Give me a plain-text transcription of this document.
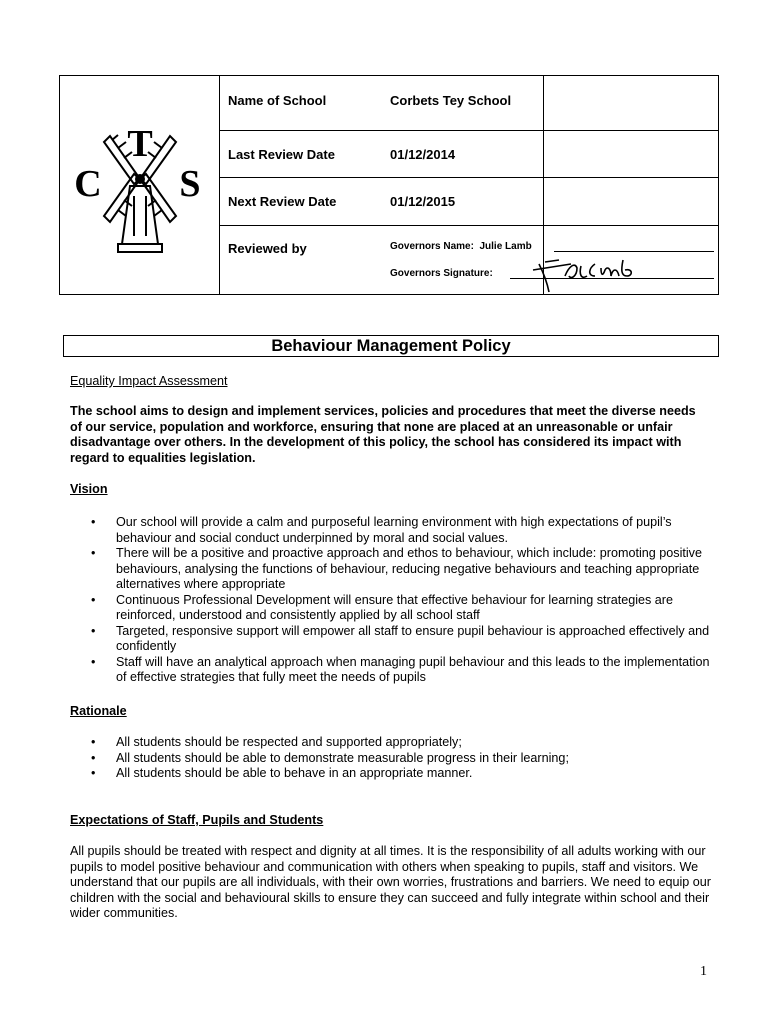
T
C S
Name of School	Corbets Tey School
Last Review Date	01/12/2014
Next Review Date	01/12/2015
Reviewed by	Governors Name: Julie Lamb
Governors Signature:
Behaviour Management Policy
Equality Impact Assessment
The school aims to design and implement services, policies and procedures that meet the diverse needs of our service, population and workforce, ensuring that none are placed at an unreasonable or unfair disadvantage over others. In the development of this policy, the school has considered its impact with regard to equalities legislation.
Vision
• Our school will provide a calm and purposeful learning environment with high expectations of pupil’s behaviour and social conduct underpinned by moral and social values.
• There will be a positive and proactive approach and ethos to behaviour, which include: promoting positive behaviours, analysing the functions of behaviour, reducing negative behaviours and teaching appropriate alternatives where appropriate
• Continuous Professional Development will ensure that effective behaviour for learning strategies are reinforced, understood and consistently applied by all school staff
• Targeted, responsive support will empower all staff to ensure pupil behaviour is approached effectively and confidently
• Staff will have an analytical approach when managing pupil behaviour and this leads to the implementation of effective strategies that fully meet the needs of pupils
Rationale
• All students should be respected and supported appropriately;
• All students should be able to demonstrate measurable progress in their learning;
• All students should be able to behave in an appropriate manner.
Expectations of Staff, Pupils and Students
All pupils should be treated with respect and dignity at all times. It is the responsibility of all adults working with our pupils to model positive behaviour and communication with others when speaking to pupils, staff and visitors. We understand that our pupils are all individuals, with their own worries, frustrations and barriers. We need to equip our children with the social and behavioural skills to ensure they can succeed and fully integrate within school and their wider communities.
1
